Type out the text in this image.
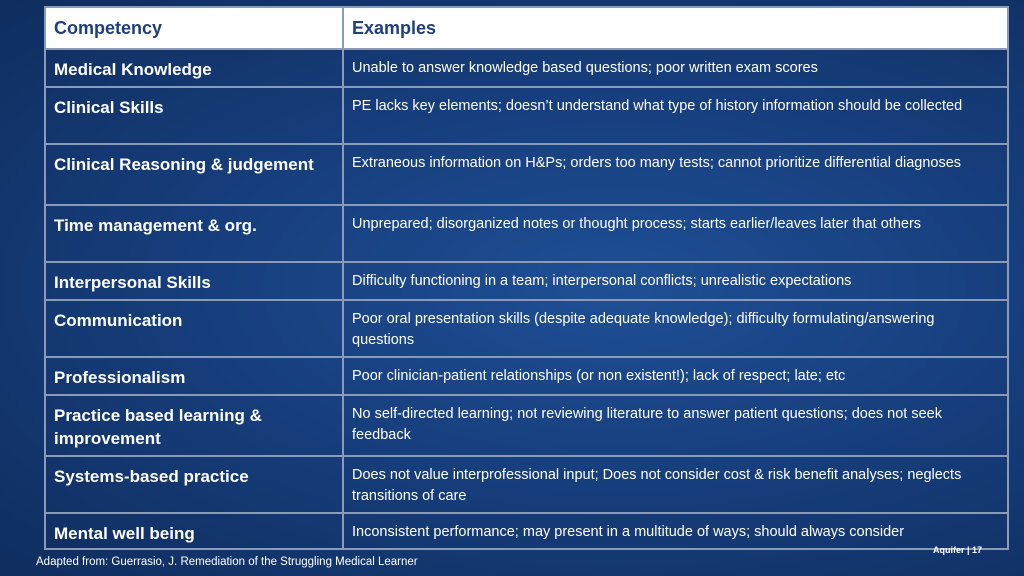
Competency	Examples
Medical Knowledge	Unable to answer knowledge based questions; poor written exam scores
Clinical Skills	PE lacks key elements; doesn’t understand what type of history information should be collected
Clinical Reasoning & judgement	Extraneous information on H&Ps; orders too many tests; cannot prioritize differential diagnoses
Time management & org.	Unprepared; disorganized notes or thought process; starts earlier/leaves later that others
Interpersonal Skills	Difficulty functioning in a team; interpersonal conflicts; unrealistic expectations
Communication	Poor oral presentation skills (despite adequate knowledge); difficulty formulating/answering questions
Professionalism	Poor clinician-patient relationships (or non existent!); lack of respect; late; etc
Practice based learning & improvement	No self-directed learning; not reviewing literature to answer patient questions; does not seek feedback
Systems-based practice	Does not value interprofessional input; Does not consider cost & risk benefit analyses; neglects transitions of care
Mental well being	Inconsistent performance; may present in a multitude of ways; should always consider
Adapted from: Guerrasio, J. Remediation of the Struggling Medical Learner
Aquifer | 17
